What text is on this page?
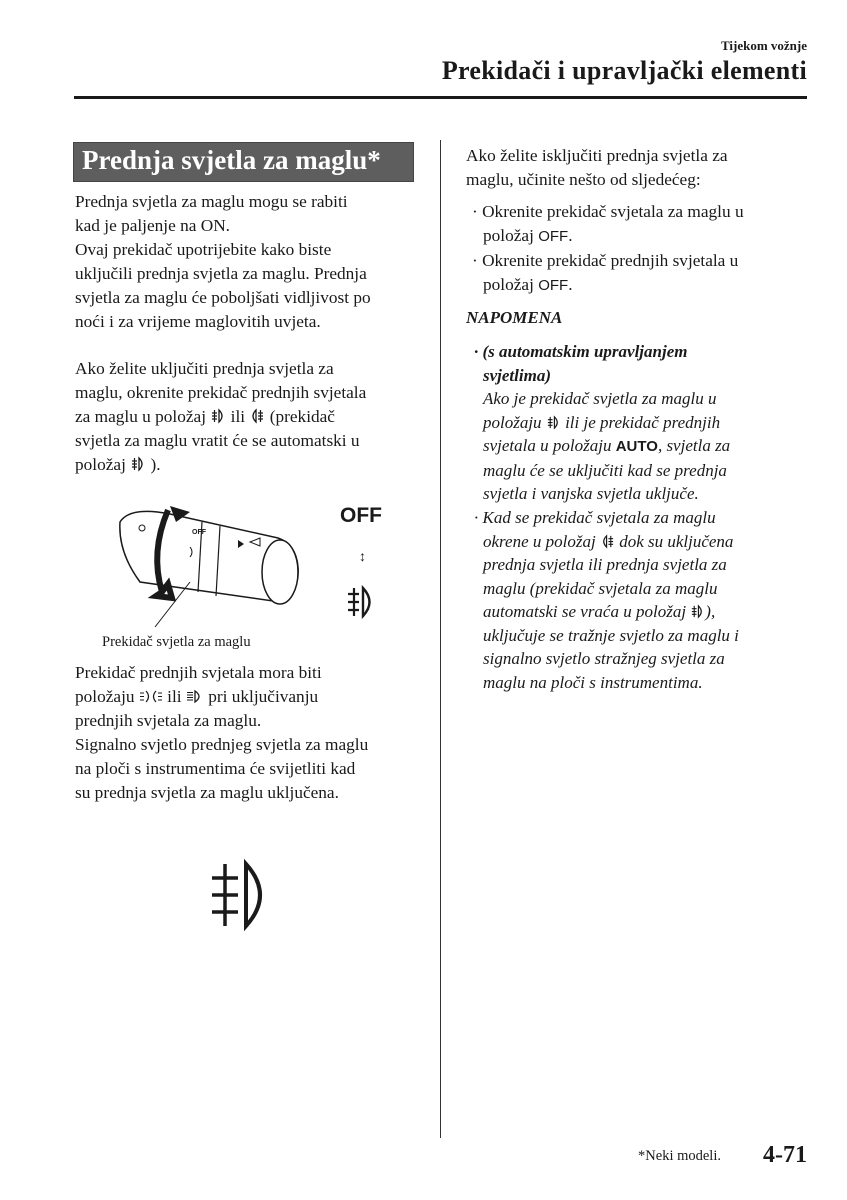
Tijekom vožnje
Prekidači i upravljački elementi
Prednja svjetla za maglu*
Prednja svjetla za maglu mogu se rabiti
kad je paljenje na ON.
Ovaj prekidač upotrijebite kako biste
uključili prednja svjetla za maglu. Prednja
svjetla za maglu će poboljšati vidljivost po
noći i za vrijeme maglovitih uvjeta.
Ako želite uključiti prednja svjetla za
maglu, okrenite prekidač prednjih svjetala
za maglu u položaj ili (prekidač
svjetla za maglu vratit će se automatski u
položaj ).
OFF
OFF
↕
Prekidač svjetla za maglu
Prekidač prednjih svjetala mora biti
položaju ili pri uključivanju
prednjih svjetala za maglu.
Signalno svjetlo prednjeg svjetla za maglu
na ploči s instrumentima će svijetliti kad
su prednja svjetla za maglu uključena.
Ako želite isključiti prednja svjetla za
maglu, učinite nešto od sljedećeg:
· Okrenite prekidač svjetala za maglu u
položaj OFF.
· Okrenite prekidač prednjih svjetala u
položaj OFF.
NAPOMENA
· (s automatskim upravljanjem
svjetlima)
Ako je prekidač svjetla za maglu u
položaju ili je prekidač prednjih
svjetala u položaju AUTO, svjetla za
maglu će se uključiti kad se prednja
svjetla i vanjska svjetla uključe.
· Kad se prekidač svjetala za maglu
okrene u položaj dok su uključena
prednja svjetla ili prednja svjetla za
maglu (prekidač svjetala za maglu
automatski se vraća u položaj ),
uključuje se tražnje svjetlo za maglu i
signalno svjetlo stražnjeg svjetla za
maglu na ploči s instrumentima.
*Neki modeli. 4-71
